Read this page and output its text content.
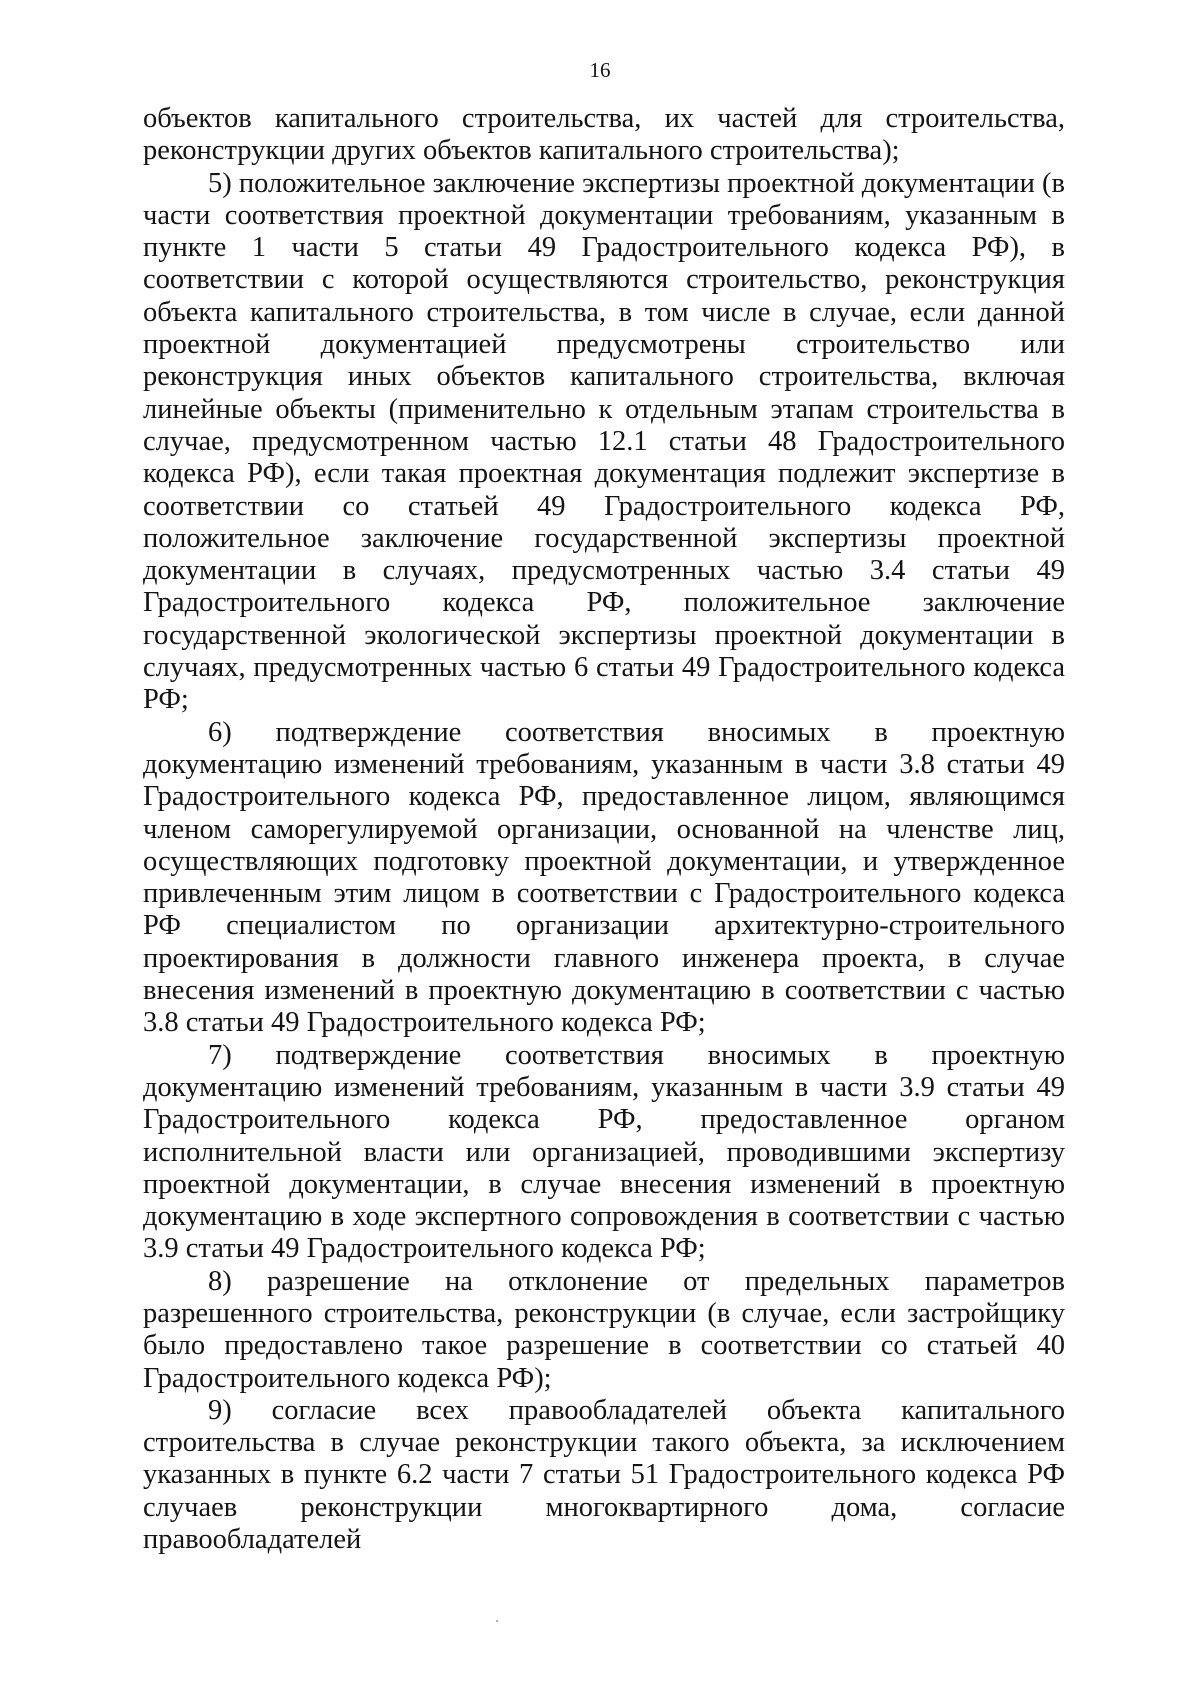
16

объектов капитального строительства, их частей для строительства, реконструкции других объектов капитального строительства);

5) положительное заключение экспертизы проектной документации (в части соответствия проектной документации требованиям, указанным в пункте 1 части 5 статьи 49 Градостроительного кодекса РФ), в соответствии с которой осуществляются строительство, реконструкция объекта капитального строительства, в том числе в случае, если данной проектной документацией предусмотрены строительство или реконструкция иных объектов капитального строительства, включая линейные объекты (применительно к отдельным этапам строительства в случае, предусмотренном частью 12.1 статьи 48 Градостроительного кодекса РФ), если такая проектная документация подлежит экспертизе в соответствии со статьей 49 Градостроительного кодекса РФ, положительное заключение государственной экспертизы проектной документации в случаях, предусмотренных частью 3.4 статьи 49 Градостроительного кодекса РФ, положительное заключение государственной экологической экспертизы проектной документации в случаях, предусмотренных частью 6 статьи 49 Градостроительного кодекса РФ;

6) подтверждение соответствия вносимых в проектную документацию изменений требованиям, указанным в части 3.8 статьи 49 Градостроительного кодекса РФ, предоставленное лицом, являющимся членом саморегулируемой организации, основанной на членстве лиц, осуществляющих подготовку проектной документации, и утвержденное привлеченным этим лицом в соответствии с Градостроительного кодекса РФ специалистом по организации архитектурно-строительного проектирования в должности главного инженера проекта, в случае внесения изменений в проектную документацию в соответствии с частью 3.8 статьи 49 Градостроительного кодекса РФ;

7) подтверждение соответствия вносимых в проектную документацию изменений требованиям, указанным в части 3.9 статьи 49 Градостроительного кодекса РФ, предоставленное органом исполнительной власти или организацией, проводившими экспертизу проектной документации, в случае внесения изменений в проектную документацию в ходе экспертного сопровождения в соответствии с частью 3.9 статьи 49 Градостроительного кодекса РФ;

8) разрешение на отклонение от предельных параметров разрешенного строительства, реконструкции (в случае, если застройщику было предоставлено такое разрешение в соответствии со статьей 40 Градостроительного кодекса РФ);

9) согласие всех правообладателей объекта капитального строительства в случае реконструкции такого объекта, за исключением указанных в пункте 6.2 части 7 статьи 51 Градостроительного кодекса РФ случаев реконструкции многоквартирного дома, согласие правообладателей
